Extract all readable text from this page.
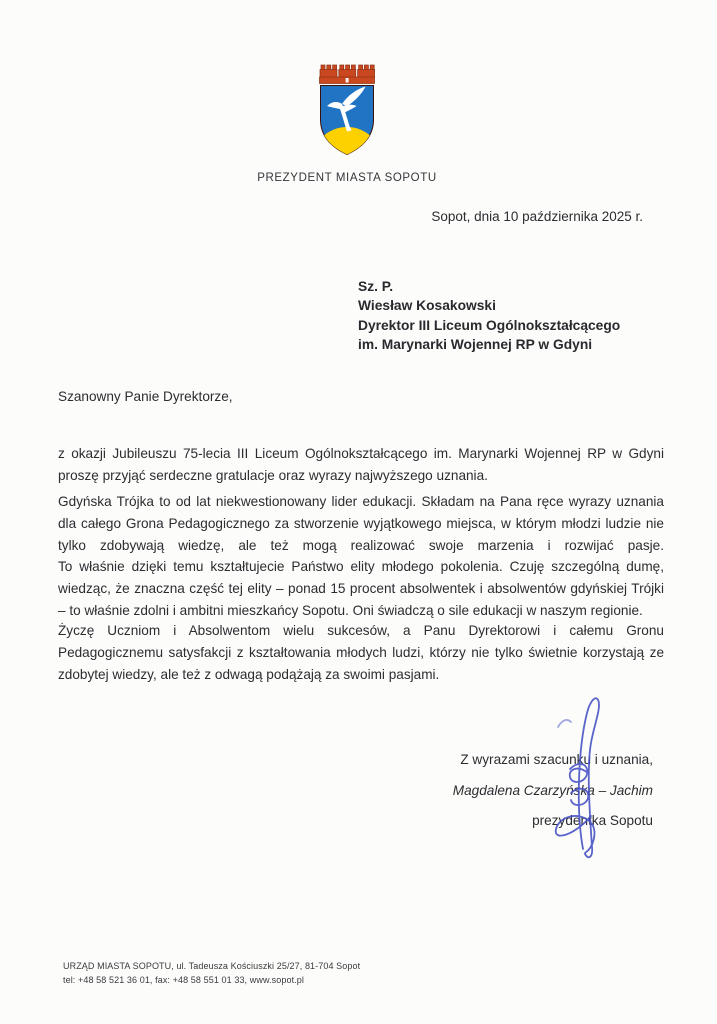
PREZYDENT MIASTA SOPOTU
Sopot, dnia 10 października 2025 r.
Sz. P.
Wiesław Kosakowski
Dyrektor III Liceum Ogólnokształcącego
im. Marynarki Wojennej RP w Gdyni
Szanowny Panie Dyrektorze,
z okazji Jubileuszu 75-lecia III Liceum Ogólnokształcącego im. Marynarki Wojennej RP w Gdyni proszę przyjąć serdeczne gratulacje oraz wyrazy najwyższego uznania.
Gdyńska Trójka to od lat niekwestionowany lider edukacji. Składam na Pana ręce wyrazy uznania dla całego Grona Pedagogicznego za stworzenie wyjątkowego miejsca, w którym młodzi ludzie nie tylko zdobywają wiedzę, ale też mogą realizować swoje marzenia i rozwijać pasje.
To właśnie dzięki temu kształtujecie Państwo elity młodego pokolenia. Czuję szczególną dumę, wiedząc, że znaczna część tej elity – ponad 15 procent absolwentek i absolwentów gdyńskiej Trójki – to właśnie zdolni i ambitni mieszkańcy Sopotu. Oni świadczą o sile edukacji w naszym regionie.
Życzę Uczniom i Absolwentom wielu sukcesów, a Panu Dyrektorowi i całemu Gronu Pedagogicznemu satysfakcji z kształtowania młodych ludzi, którzy nie tylko świetnie korzystają ze zdobytej wiedzy, ale też z odwagą podążają za swoimi pasjami.
Z wyrazami szacunku i uznania,
Magdalena Czarzyńska – Jachim
prezydentka Sopotu
URZĄD MIASTA SOPOTU, ul. Tadeusza Kościuszki 25/27, 81-704 Sopot
tel: +48 58 521 36 01, fax: +48 58 551 01 33, www.sopot.pl
